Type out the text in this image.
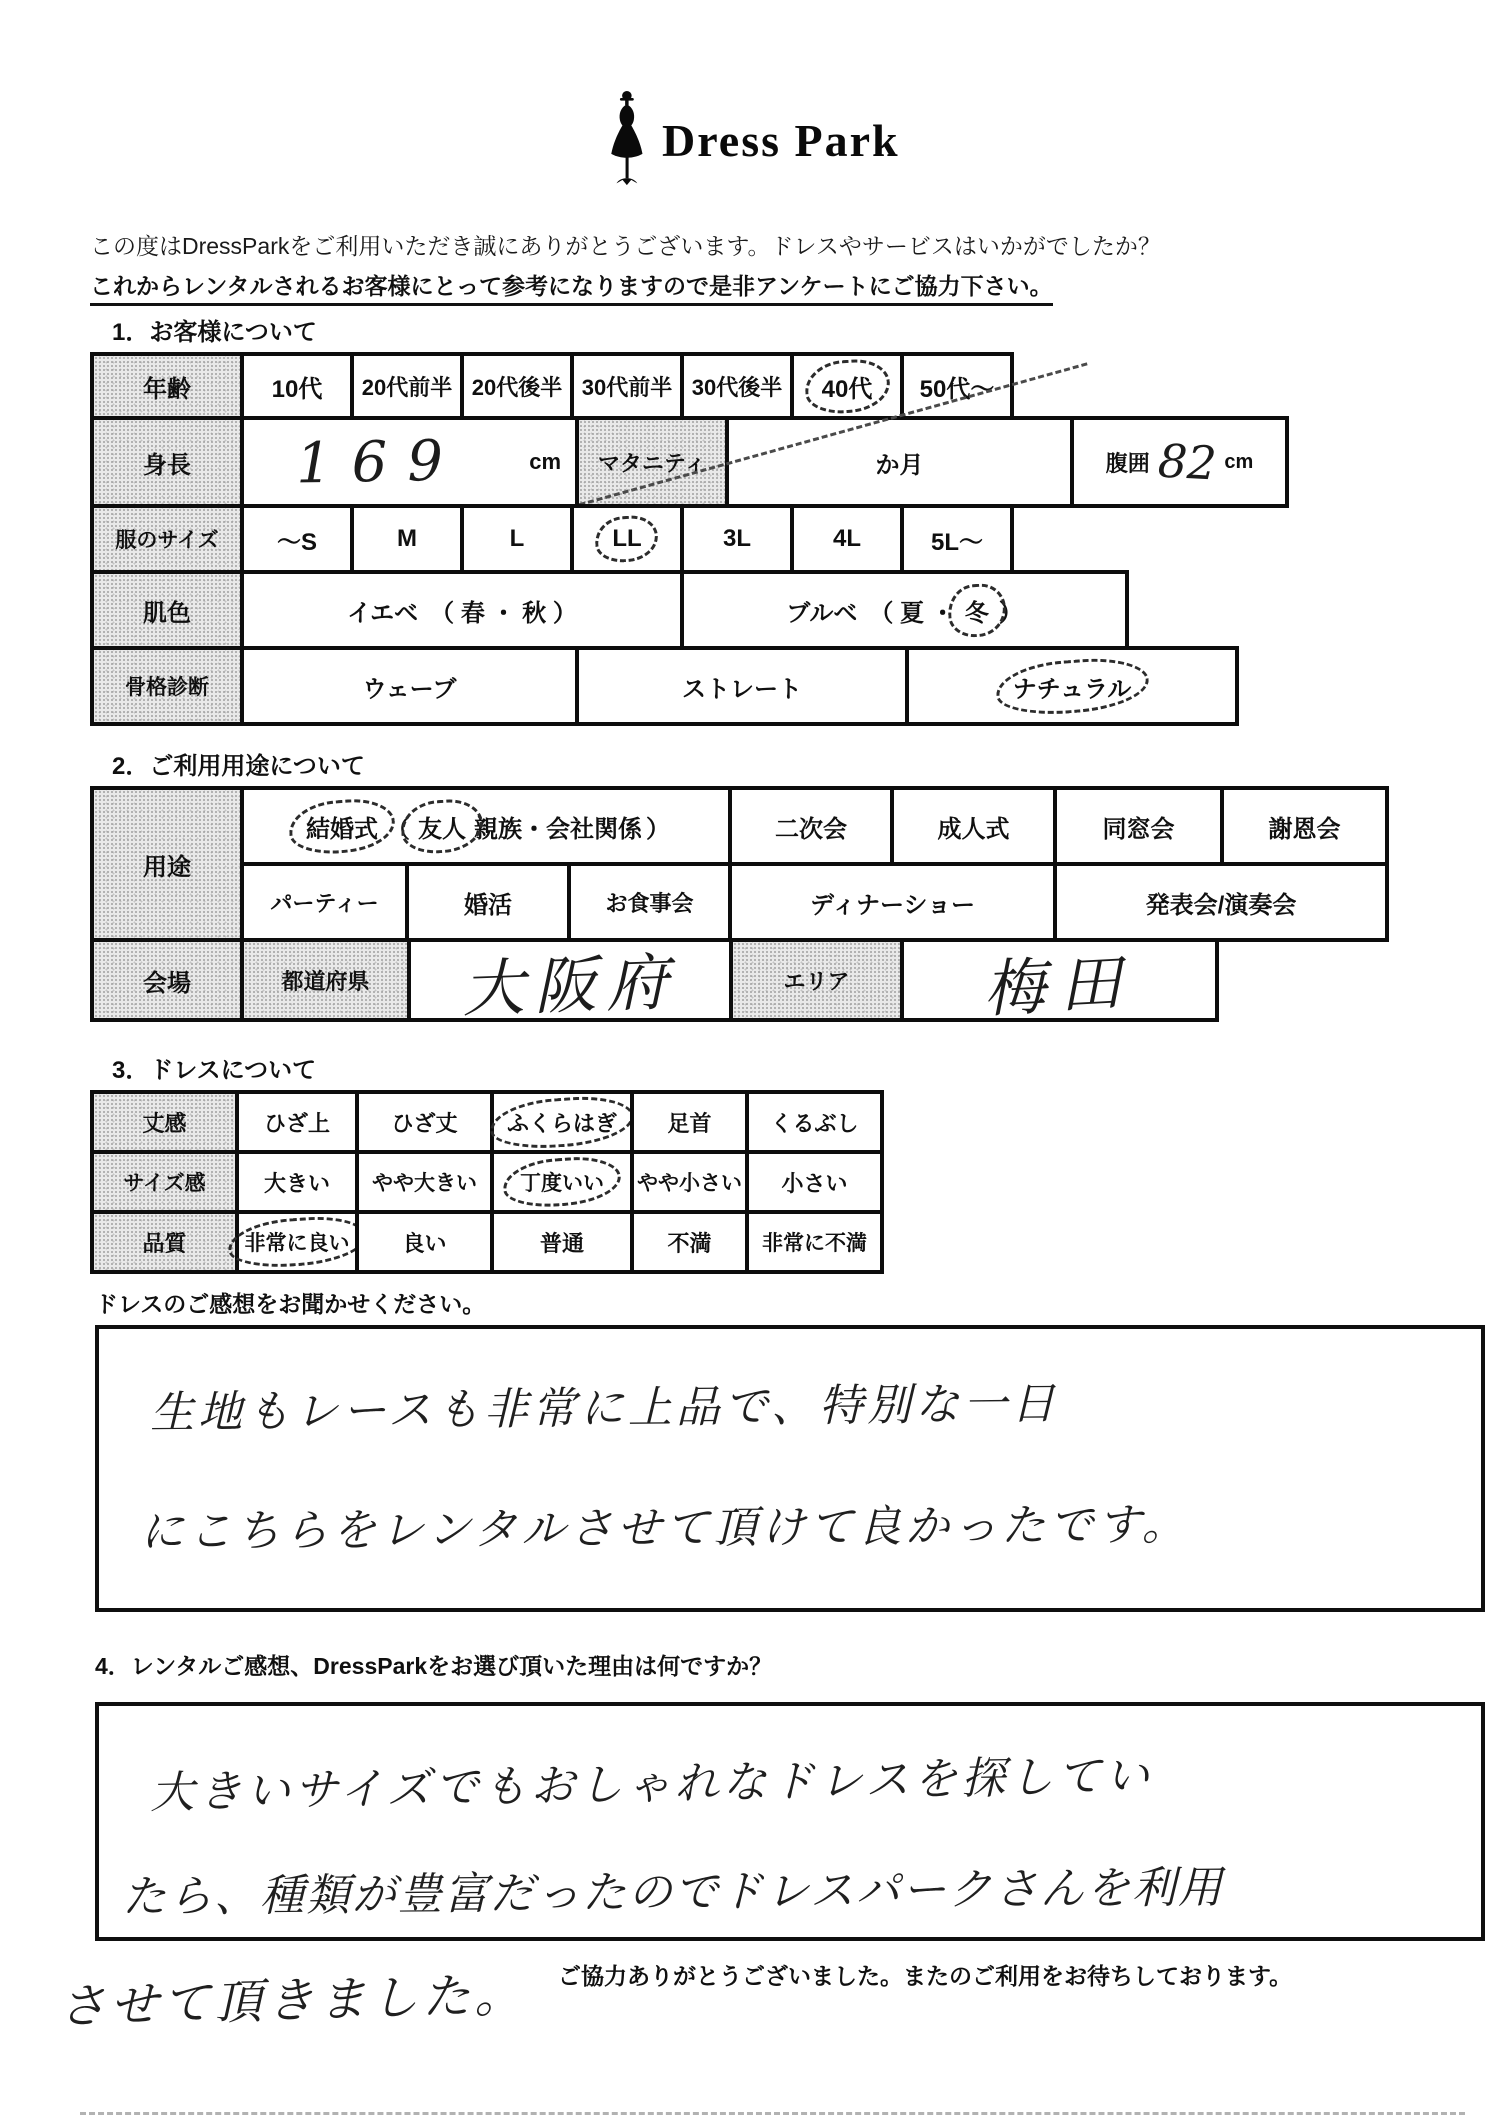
Dress Park
この度はDressParkをご利用いただき誠にありがとうございます。ドレスやサービスはいかがでしたか？
これからレンタルされるお客様にとって参考になりますので是非アンケートにご協力下さい。
1．お客様について
年齢	10代	20代前半 20代後半 30代前半 30代後半	40代	50代～
身長	169	cm	マタニティ	か月	腹囲 82 cm
服のサイズ	～S	M	L	LL	3L	4L	5L～
肌色	イエベ　（ 春 ・ 秋 ）	ブルベ　（ 夏 ・ 冬 ）
骨格診断	ウェーブ	ストレート	ナチュラル
2．ご利用用途について
用途
結婚式 （ 友人 親族・会社関係 ）	二次会	成人式	同窓会	謝恩会
パーティー	婚活	お食事会	ディナーショー	発表会/演奏会
会場	都道府県	大阪府	エリア	梅田
3．ドレスについて
丈感	ひざ上	ひざ丈	ふくらはぎ	足首	くるぶし
サイズ感	大きい	やや大きい	丁度いい	やや小さい	小さい
品質	非常に良い	良い	普通	不満	非常に不満
ドレスのご感想をお聞かせください。
生地もレースも非常に上品で、特別な一日
にこちらをレンタルさせて頂けて良かったです。
4．レンタルご感想、DressParkをお選び頂いた理由は何ですか？
大きいサイズでもおしゃれなドレスを探してい
たら、種類が豊富だったのでドレスパークさんを利用
させて頂きました。 ご協力ありがとうございました。またのご利用をお待ちしております。
